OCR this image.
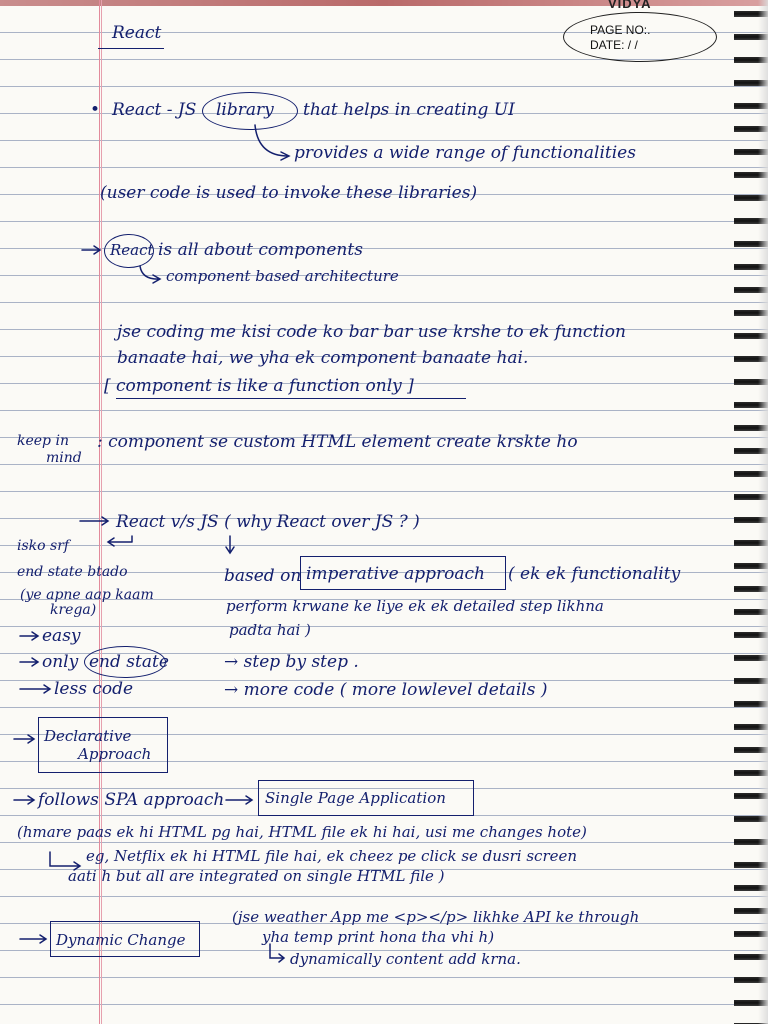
VIDYA
PAGE NO:.
DATE: / /
React
• React - JS library that helps in creating UI
provides a wide range of functionalities
(user code is used to invoke these libraries)
React is all about components
component based architecture
jse coding me kisi code ko bar bar use krshe to ek function
banaate hai, we yha ek component banaate hai.
[ component is like a function only ]
keep in
mind
: component se custom HTML element create krskte ho
React v/s JS ( why React over JS ? )
isko srf
end state btado
(ye apne aap kaam
krega)
easy
only end state
less code
based on imperative approach ( ek ek functionality
perform krwane ke liye ek ek detailed step likhna
padta hai )
→ step by step .
→ more code ( more lowlevel details )
Declarative
Approach
follows SPA approach	Single Page Application
(hmare paas ek hi HTML pg hai, HTML file ek hi hai, usi me changes hote)
eg, Netflix ek hi HTML file hai, ek cheez pe click se dusri screen
aati h but all are integrated on single HTML file )
Dynamic Change
(jse weather App me <p></p> likhke API ke through
yha temp print hona tha vhi h)
dynamically content add krna.
